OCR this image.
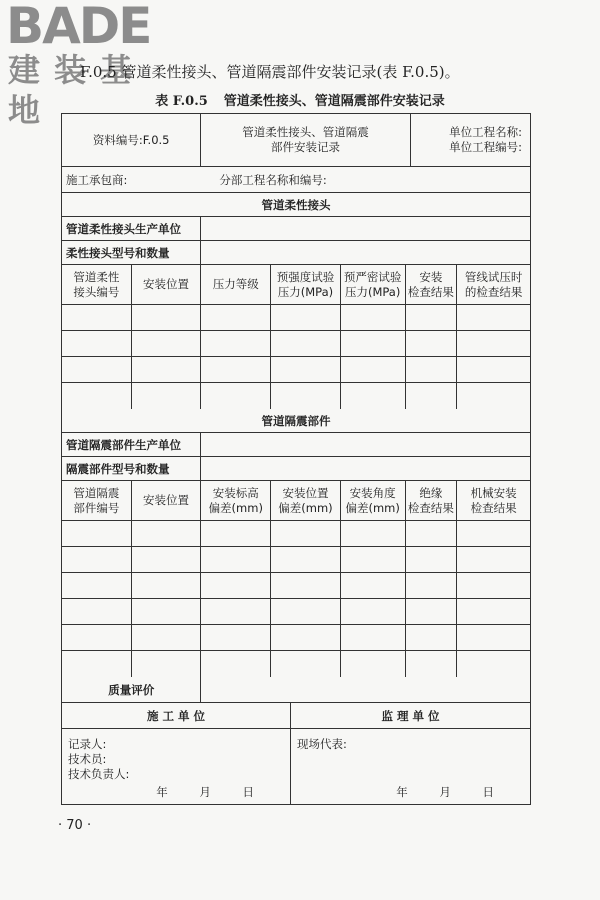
BADE
建装基地
F.0.5 管道柔性接头、管道隔震部件安装记录(表 F.0.5)。
表 F.0.5 管道柔性接头、管道隔震部件安装记录
资料编号:F.0.5
管道柔性接头、管道隔震
部件安装记录
单位工程名称:
单位工程编号:
施工承包商:	分部工程名称和编号:
管道柔性接头
管道柔性接头生产单位
柔性接头型号和数量
管道柔性
接头编号
安装位置 压力等级
预强度试验
压力(MPa)
预严密试验
压力(MPa)
安装
检查结果
管线试压时
的检查结果
管道隔震部件
管道隔震部件生产单位
隔震部件型号和数量
管道隔震
部件编号
安装位置
安装标高
偏差(mm)
安装位置
偏差(mm)
安装角度
偏差(mm)
绝缘
检查结果
机械安装
检查结果
质量评价
施 工 单 位	监 理 单 位
记录人:
技术员:
技术负责人:
年 月 日
现场代表:
年 月 日
· 70 ·
